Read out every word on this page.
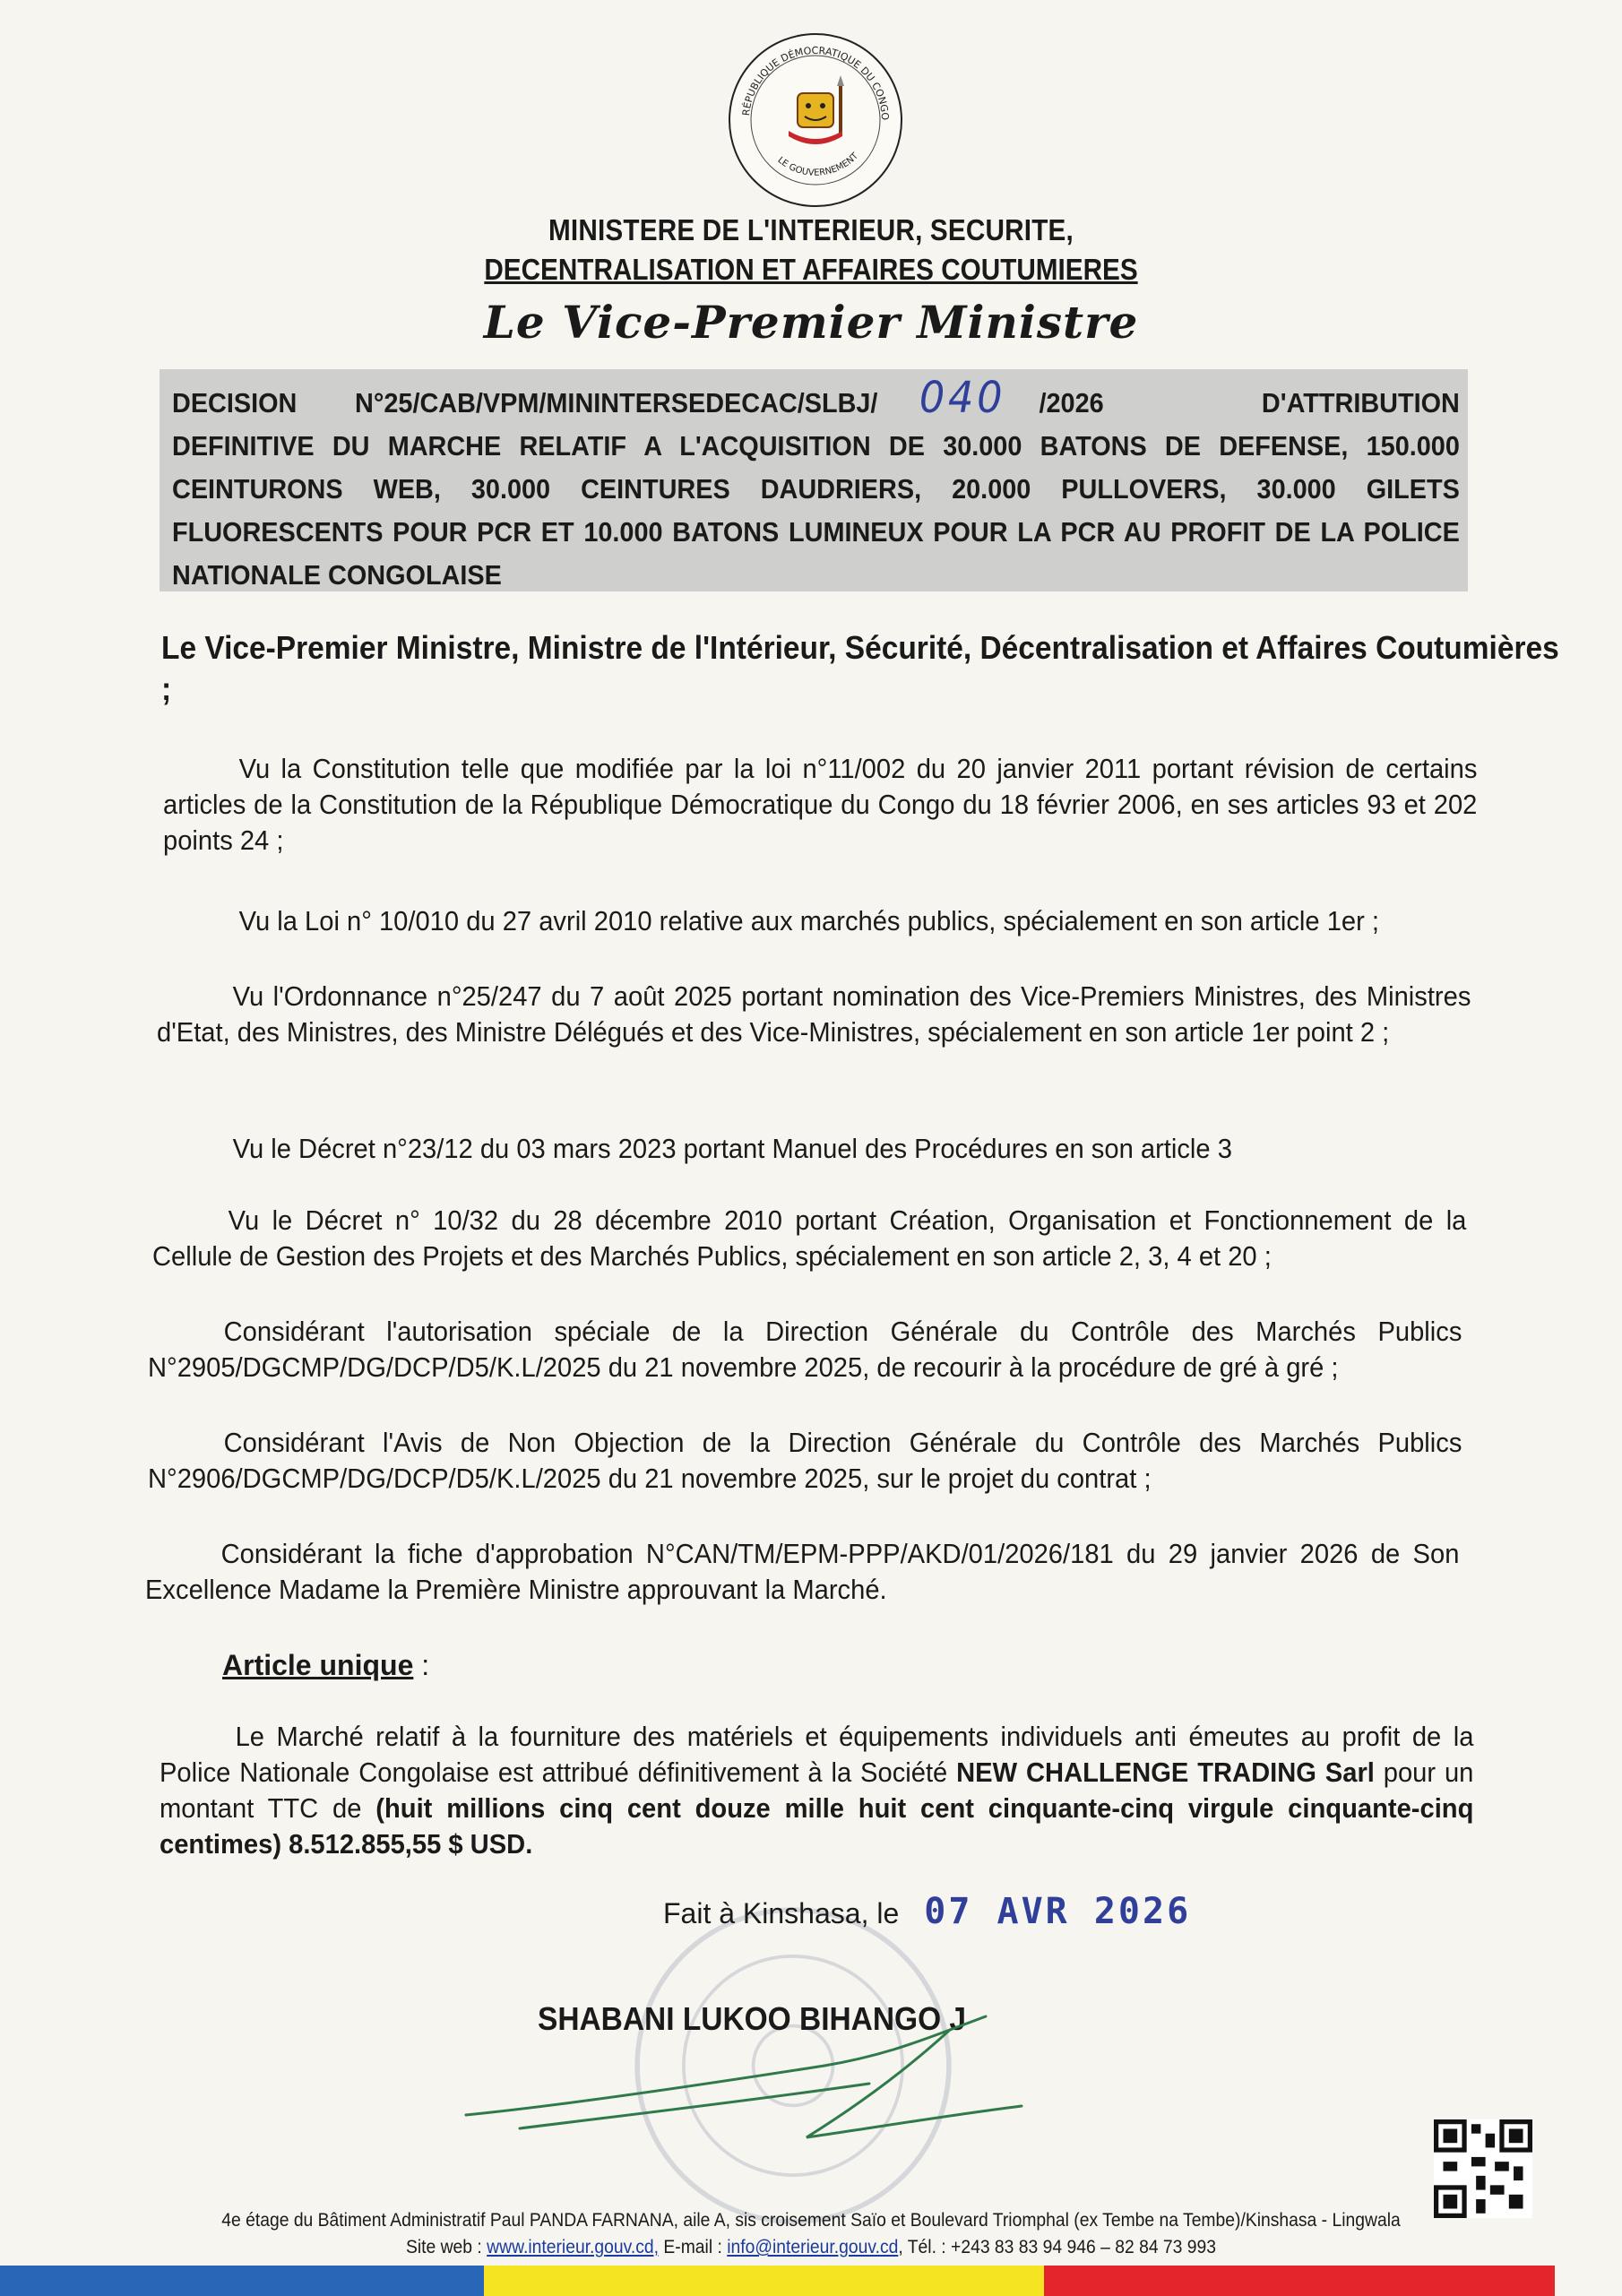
RÉPUBLIQUE DÉMOCRATIQUE DU CONGO
LE GOUVERNEMENT
MINISTERE DE L'INTERIEUR, SECURITE,
DECENTRALISATION ET AFFAIRES COUTUMIERES
Le Vice-Premier Ministre
DECISION N°25/CAB/VPM/MININTERSEDECAC/SLBJ/ 040 /2026	D'ATTRIBUTION DEFINITIVE DU MARCHE RELATIF A L'ACQUISITION DE 30.000 BATONS DE DEFENSE, 150.000 CEINTURONS WEB, 30.000 CEINTURES DAUDRIERS, 20.000 PULLOVERS, 30.000 GILETS FLUORESCENTS POUR PCR ET 10.000 BATONS LUMINEUX POUR LA PCR AU PROFIT DE LA POLICE NATIONALE CONGOLAISE
Le Vice-Premier Ministre, Ministre de l'Intérieur, Sécurité, Décentralisation et Affaires Coutumières ;
Vu la Constitution telle que modifiée par la loi n°11/002 du 20 janvier 2011 portant révision de certains articles de la Constitution de la République Démocratique du Congo du 18 février 2006, en ses articles 93 et 202 points 24 ;
Vu la Loi n° 10/010 du 27 avril 2010 relative aux marchés publics, spécialement en son article 1er ;
Vu l'Ordonnance n°25/247 du 7 août 2025 portant nomination des Vice-Premiers Ministres, des Ministres d'Etat, des Ministres, des Ministre Délégués et des Vice-Ministres, spécialement en son article 1er point 2 ;
Vu le Décret n°23/12 du 03 mars 2023 portant Manuel des Procédures en son article 3
Vu le Décret n° 10/32 du 28 décembre 2010 portant Création, Organisation et Fonctionnement de la Cellule de Gestion des Projets et des Marchés Publics, spécialement en son article 2, 3, 4 et 20 ;
Considérant l'autorisation spéciale de la Direction Générale du Contrôle des Marchés Publics N°2905/DGCMP/DG/DCP/D5/K.L/2025 du 21 novembre 2025, de recourir à la procédure de gré à gré ;
Considérant l'Avis de Non Objection de la Direction Générale du Contrôle des Marchés Publics N°2906/DGCMP/DG/DCP/D5/K.L/2025 du 21 novembre 2025, sur le projet du contrat ;
Considérant la fiche d'approbation N°CAN/TM/EPM-PPP/AKD/01/2026/181 du 29 janvier 2026 de Son Excellence Madame la Première Ministre approuvant la Marché.
Article unique :
Le Marché relatif à la fourniture des matériels et équipements individuels anti émeutes au profit de la Police Nationale Congolaise est attribué définitivement à la Société NEW CHALLENGE TRADING Sarl pour un montant TTC de (huit millions cinq cent douze mille huit cent cinquante-cinq virgule cinquante-cinq centimes) 8.512.855,55 $ USD.
Fait à Kinshasa, le 07 AVR 2026
SHABANI LUKOO BIHANGO J
4e étage du Bâtiment Administratif Paul PANDA FARNANA, aile A, sis croisement Saïo et Boulevard Triomphal (ex Tembe na Tembe)/Kinshasa - Lingwala
Site web : www.interieur.gouv.cd, E-mail : info@interieur.gouv.cd, Tél. : +243 83 83 94 946 – 82 84 73 993
